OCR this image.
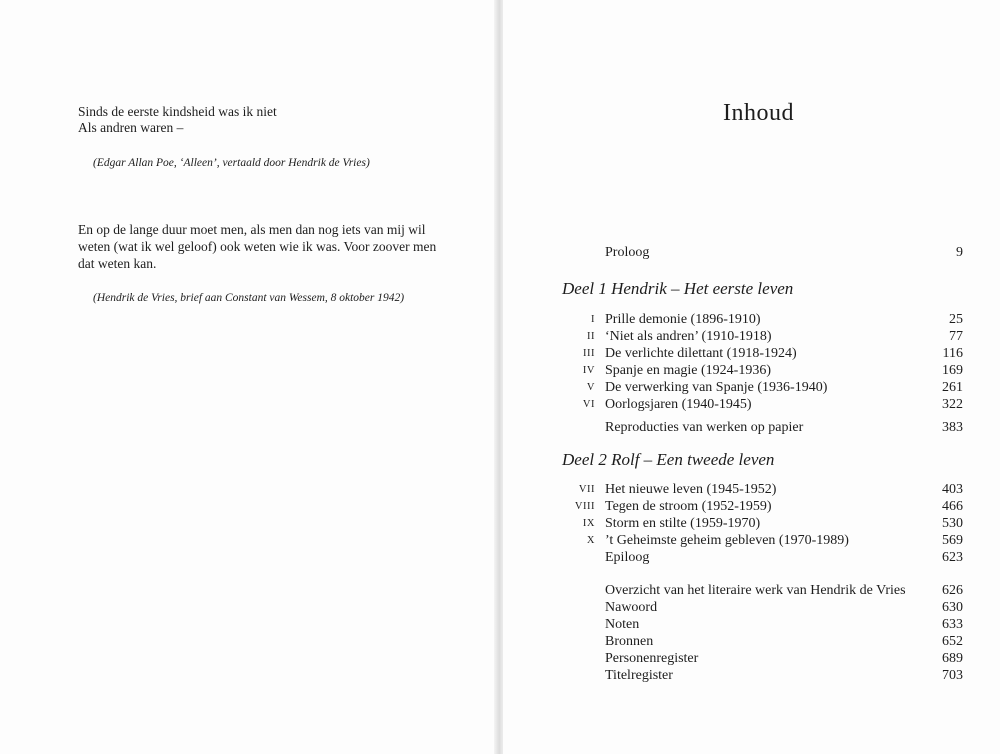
Sinds de eerste kindsheid was ik niet
Als andren waren –
(Edgar Allan Poe, ‘Alleen’, vertaald door Hendrik de Vries)
En op de lange duur moet men, als men dan nog iets van mij wil
weten (wat ik wel geloof) ook weten wie ik was. Voor zoover men
dat weten kan.
(Hendrik de Vries, brief aan Constant van Wessem, 8 oktober 1942)
Inhoud
Proloog	9
Deel 1 Hendrik – Het eerste leven
I Prille demonie (1896-1910)	25
II ‘Niet als andren’ (1910-1918)	77
III De verlichte dilettant (1918-1924)	116
IV Spanje en magie (1924-1936)	169
V De verwerking van Spanje (1936-1940)	261
VI Oorlogsjaren (1940-1945)	322
Reproducties van werken op papier	383
Deel 2 Rolf – Een tweede leven
VII Het nieuwe leven (1945-1952)	403
VIII Tegen de stroom (1952-1959)	466
IX Storm en stilte (1959-1970)	530
X ’t Geheimste geheim gebleven (1970-1989)	569
Epiloog	623
Overzicht van het literaire werk van Hendrik de Vries	626
Nawoord	630
Noten	633
Bronnen	652
Personenregister	689
Titelregister	703
